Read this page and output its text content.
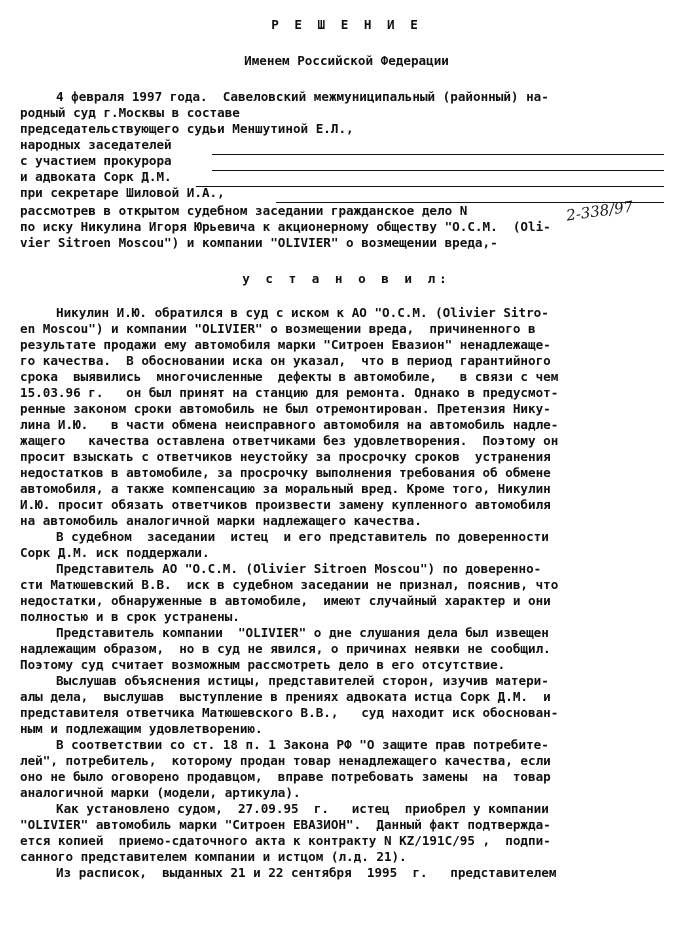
Р Е Ш Е Н И Е
Именем Российской Федерации
4 февраля 1997 года.  Савеловский межмуниципальный (районный) на-
родный суд г.Москвы в составе
председательствующего судьи Меншутиной Е.Л.,
народных заседателей
с участием прокурора
и адвоката Сорк Д.М.
при секретаре Шиловой И.А.,
рассмотрев в открытом судебном заседании гражданское дело N
по иску Никулина Игоря Юрьевича к акционерному обществу "О.С.М.  (Oli-
vier Sitroen Moscou") и компании "OLIVIER" о возмещении вреда,-
2-338/97
у с т а н о в и л:
Никулин И.Ю. обратился в суд с иском к АО "О.С.М. (Olivier Sitro-
en Moscou") и компании "OLIVIER" о возмещении вреда,  причиненного в
результате продажи ему автомобиля марки "Ситроен Евазион" ненадлежаще-
го качества.  В обосновании иска он указал,  что в период гарантийного
срока  выявились  многочисленные  дефекты в автомобиле,   в связи с чем
15.03.96 г.   он был принят на станцию для ремонта. Однако в предусмот-
ренные законом сроки автомобиль не был отремонтирован. Претензия Нику-
лина И.Ю.   в части обмена неисправного автомобиля на автомобиль надле-
жащего   качества оставлена ответчиками без удовлетворения.  Поэтому он
просит взыскать с ответчиков неустойку за просрочку сроков  устранения
недостатков в автомобиле, за просрочку выполнения требования об обмене
автомобиля, а также компенсацию за моральный вред. Кроме того, Никулин
И.Ю. просит обязать ответчиков произвести замену купленного автомобиля
на автомобиль аналогичной марки надлежащего качества.
В судебном  заседании  истец  и его представитель по доверенности
Сорк Д.М. иск поддержали.
Представитель АО "О.С.М. (Olivier Sitroen Moscou") по доверенно-
сти Матюшевский В.В.  иск в судебном заседании не признал, пояснив, что
недостатки, обнаруженные в автомобиле,  имеют случайный характер и они
полностью и в срок устранены.
Представитель компании  "OLIVIER" о дне слушания дела был извещен
надлежащим образом,  но в суд не явился, о причинах неявки не сообщил.
Поэтому суд считает возможным рассмотреть дело в его отсутствие.
Выслушав объяснения истицы, представителей сторон, изучив матери-
алы дела,  выслушав  выступление в прениях адвоката истца Сорк Д.М.  и
представителя ответчика Матюшевского В.В.,   суд находит иск обоснован-
ным и подлежащим удовлетворению.
В соответствии со ст. 18 п. 1 Закона РФ "О защите прав потребите-
лей", потребитель,  которому продан товар ненадлежащего качества, если
оно не было оговорено продавцом,  вправе потребовать замены  на  товар
аналогичной марки (модели, артикула).
Как установлено судом,  27.09.95  г.   истец  приобрел у компании
"OLIVIER" автомобиль марки "Ситроен ЕВАЗИОН".  Данный факт подтвержда-
ется копией  приемо-сдаточного акта к контракту N KZ/191C/95 ,  подпи-
санного представителем компании и истцом (л.д. 21).
Из расписок,  выданных 21 и 22 сентября  1995  г.   представителем
